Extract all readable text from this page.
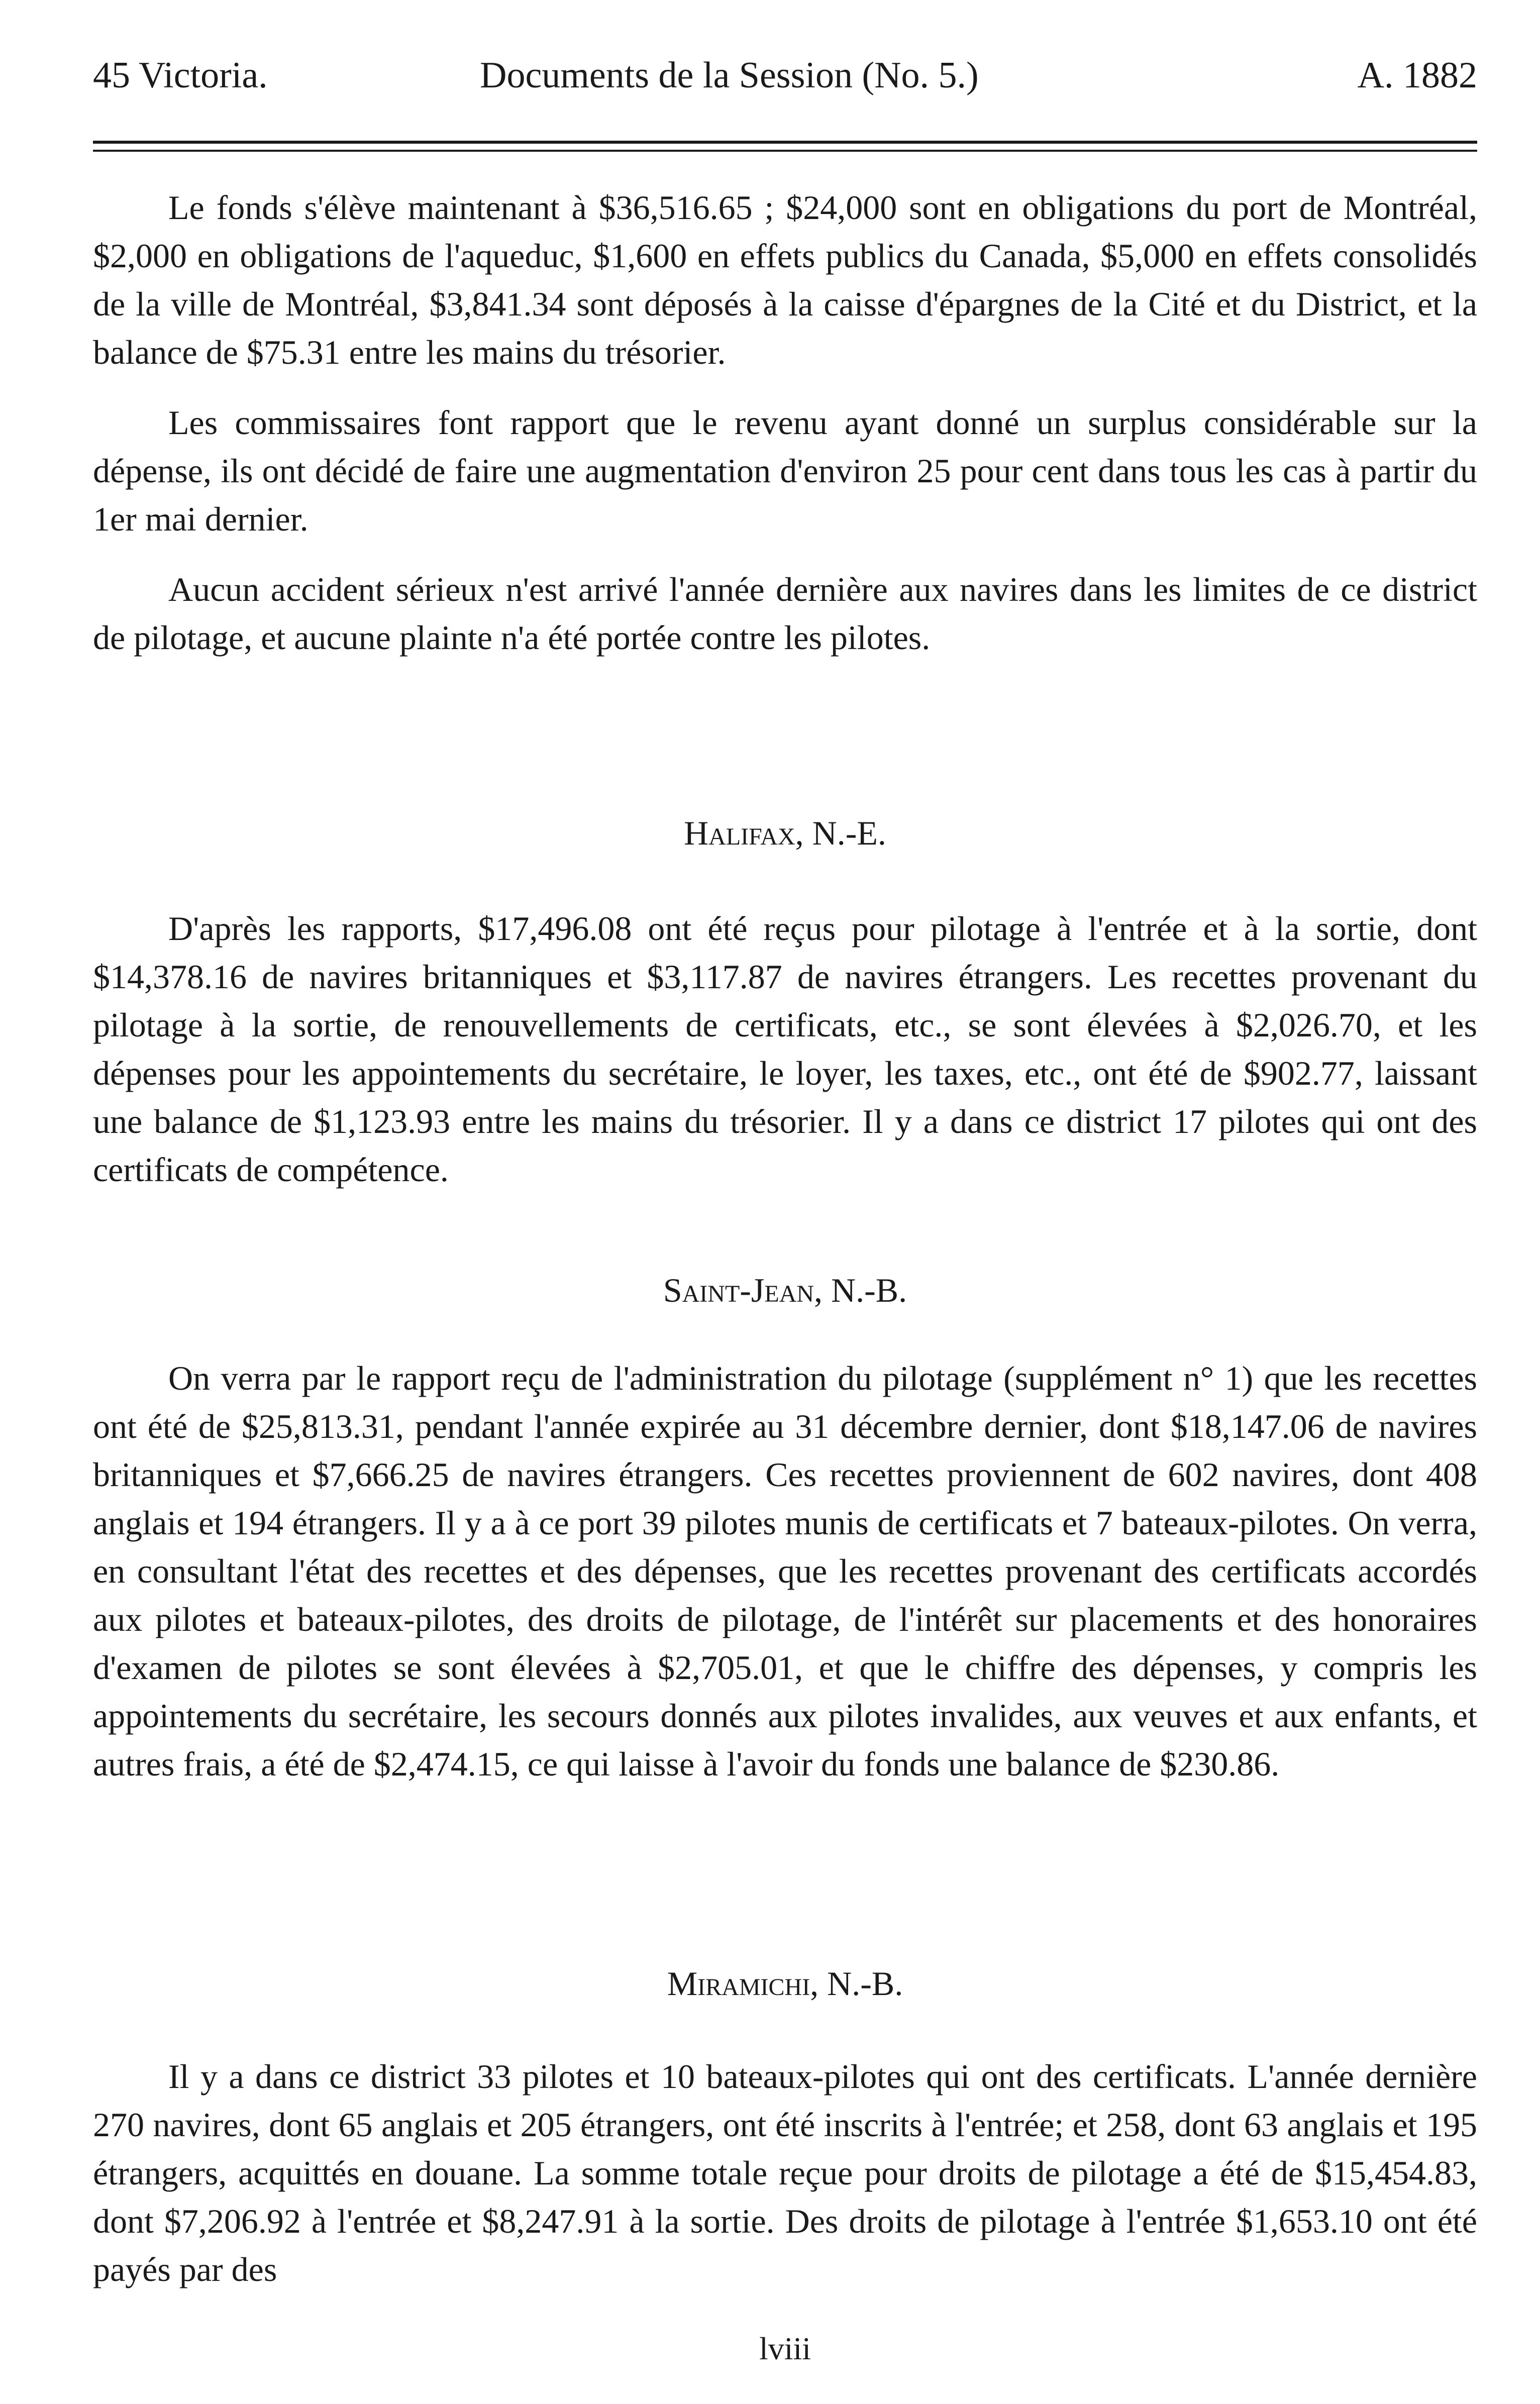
45 Victoria.	Documents de la Session (No. 5.)	A. 1882

Le fonds s'élève maintenant à $36,516.65 ; $24,000 sont en obligations du port de Montréal, $2,000 en obligations de l'aqueduc, $1,600 en effets publics du Canada, $5,000 en effets consolidés de la ville de Montréal, $3,841.34 sont déposés à la caisse d'épargnes de la Cité et du District, et la balance de $75.31 entre les mains du trésorier.

Les commissaires font rapport que le revenu ayant donné un surplus considérable sur la dépense, ils ont décidé de faire une augmentation d'environ 25 pour cent dans tous les cas à partir du 1er mai dernier.

Aucun accident sérieux n'est arrivé l'année dernière aux navires dans les limites de ce district de pilotage, et aucune plainte n'a été portée contre les pilotes.

Halifax, N.-E.

D'après les rapports, $17,496.08 ont été reçus pour pilotage à l'entrée et à la sortie, dont $14,378.16 de navires britanniques et $3,117.87 de navires étrangers. Les recettes provenant du pilotage à la sortie, de renouvellements de certificats, etc., se sont élevées à $2,026.70, et les dépenses pour les appointements du secrétaire, le loyer, les taxes, etc., ont été de $902.77, laissant une balance de $1,123.93 entre les mains du trésorier. Il y a dans ce district 17 pilotes qui ont des certificats de compétence.

Saint-Jean, N.-B.

On verra par le rapport reçu de l'administration du pilotage (supplément n° 1) que les recettes ont été de $25,813.31, pendant l'année expirée au 31 décembre dernier, dont $18,147.06 de navires britanniques et $7,666.25 de navires étrangers. Ces recettes proviennent de 602 navires, dont 408 anglais et 194 étrangers. Il y a à ce port 39 pilotes munis de certificats et 7 bateaux-pilotes. On verra, en consultant l'état des recettes et des dépenses, que les recettes provenant des certificats accordés aux pilotes et bateaux-pilotes, des droits de pilotage, de l'intérêt sur placements et des honoraires d'examen de pilotes se sont élevées à $2,705.01, et que le chiffre des dépenses, y compris les appointements du secrétaire, les secours donnés aux pilotes invalides, aux veuves et aux enfants, et autres frais, a été de $2,474.15, ce qui laisse à l'avoir du fonds une balance de $230.86.

Miramichi, N.-B.

Il y a dans ce district 33 pilotes et 10 bateaux-pilotes qui ont des certificats. L'année dernière 270 navires, dont 65 anglais et 205 étrangers, ont été inscrits à l'entrée; et 258, dont 63 anglais et 195 étrangers, acquittés en douane. La somme totale reçue pour droits de pilotage a été de $15,454.83, dont $7,206.92 à l'entrée et $8,247.91 à la sortie. Des droits de pilotage à l'entrée $1,653.10 ont été payés par des

lviii
